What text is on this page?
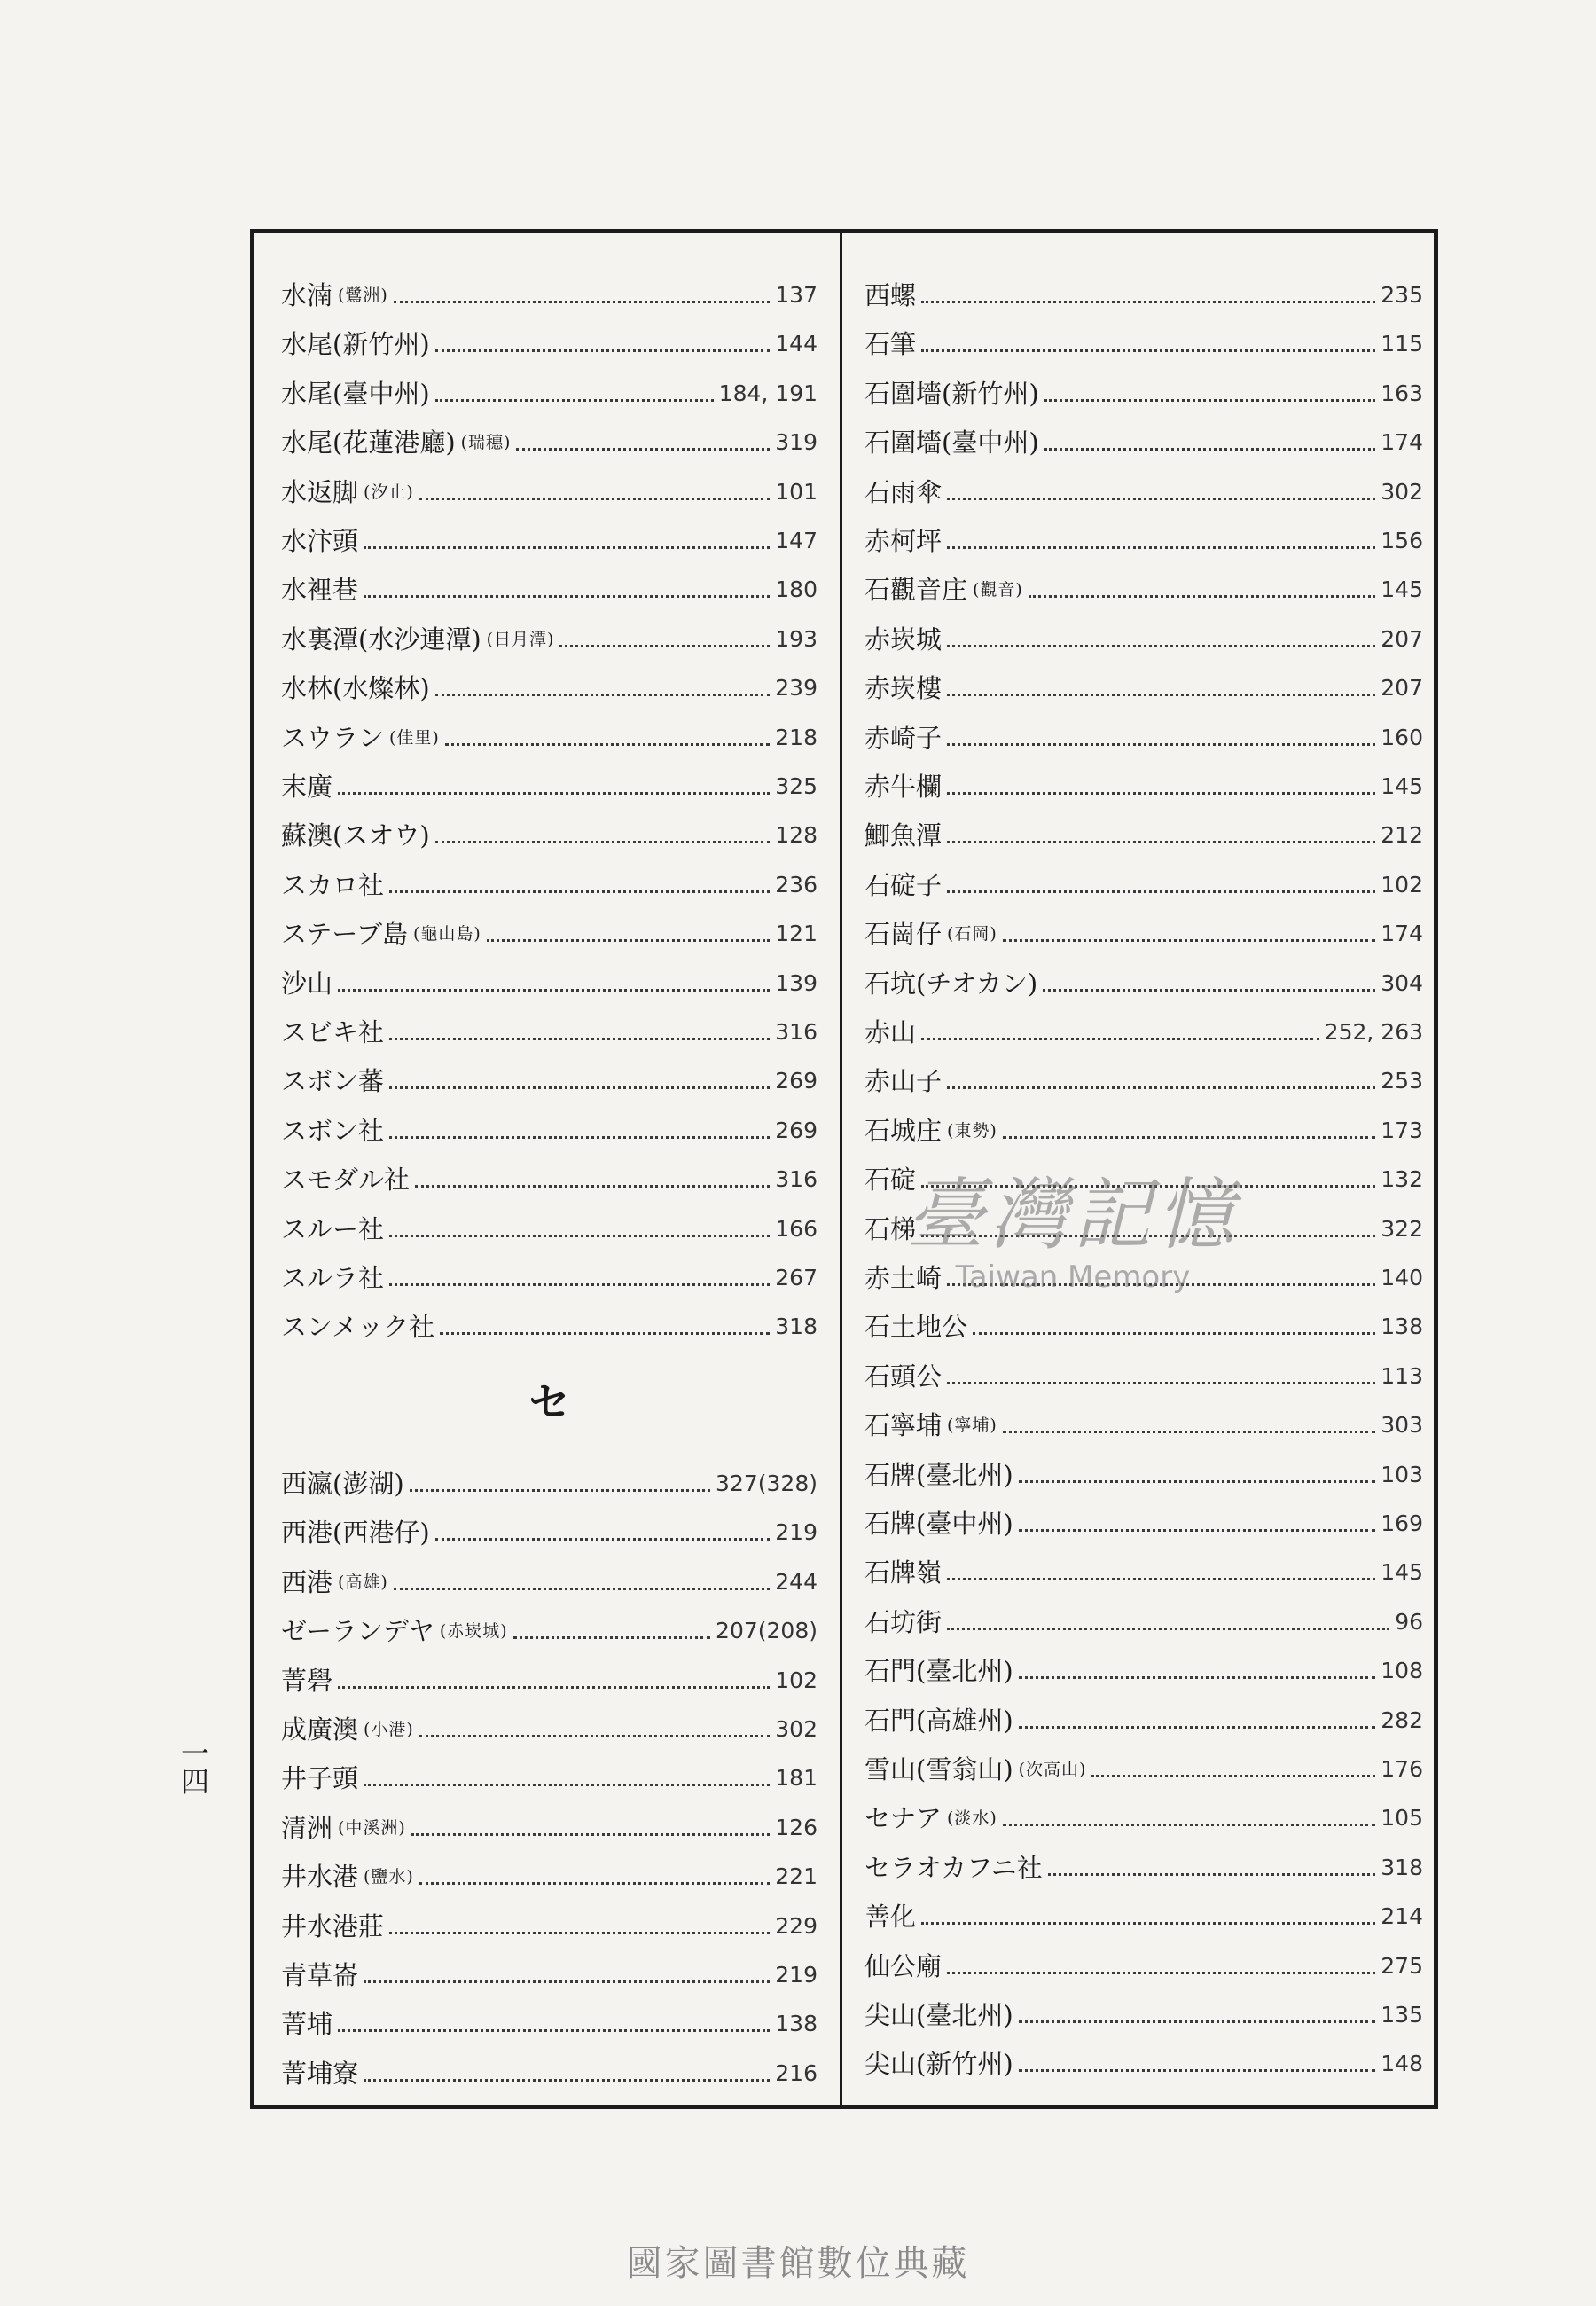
水湳 (鷺洲)	137
水尾(新竹州)	144
水尾(臺中州)	184, 191
水尾(花蓮港廳) (瑞穗)	319
水返脚 (汐止)	101
水汴頭	147
水裡巷	180
水裏潭(水沙連潭) (日月潭)	193
水林(水燦林)	239
スウラン (佳里)	218
末廣	325
蘇澳(スオウ)	128
スカロ社	236
ステーブ島 (龜山島)	121
沙山	139
スビキ社	316
スボン蕃	269
スボン社	269
スモダル社	316
スルー社	166
スルラ社	267
スンメック社	318
西瀛(澎湖)	327(328)
西港(西港仔)	219
西港 (高雄)	244
ゼーランデヤ (赤崁城)	207(208)
菁礐	102
成廣澳 (小港)	302
井子頭	181
清洲 (中溪洲)	126
井水港 (鹽水)	221
井水港莊	229
青草崙	219
菁埔	138
菁埔寮	216
セ
西螺	235
石筆	115
石圍墻(新竹州)	163
石圍墻(臺中州)	174
石雨傘	302
赤柯坪	156
石觀音庄 (觀音)	145
赤崁城	207
赤崁樓	207
赤崎子	160
赤牛欄	145
鯽魚潭	212
石碇子	102
石崗仔 (石岡)	174
石坑(チオカン)	304
赤山	252, 263
赤山子	253
石城庄 (東勢)	173
石碇	132
石梯	322
赤土崎	140
石土地公	138
石頭公	113
石寧埔 (寧埔)	303
石牌(臺北州)	103
石牌(臺中州)	169
石牌嶺	145
石坊街	96
石門(臺北州)	108
石門(高雄州)	282
雪山(雪翁山) (次高山)	176
セナア (淡水)	105
セラオカフニ社	318
善化	214
仙公廟	275
尖山(臺北州)	135
尖山(新竹州)	148
一四
臺灣記憶
Taiwan Memory
國家圖書館數位典藏
